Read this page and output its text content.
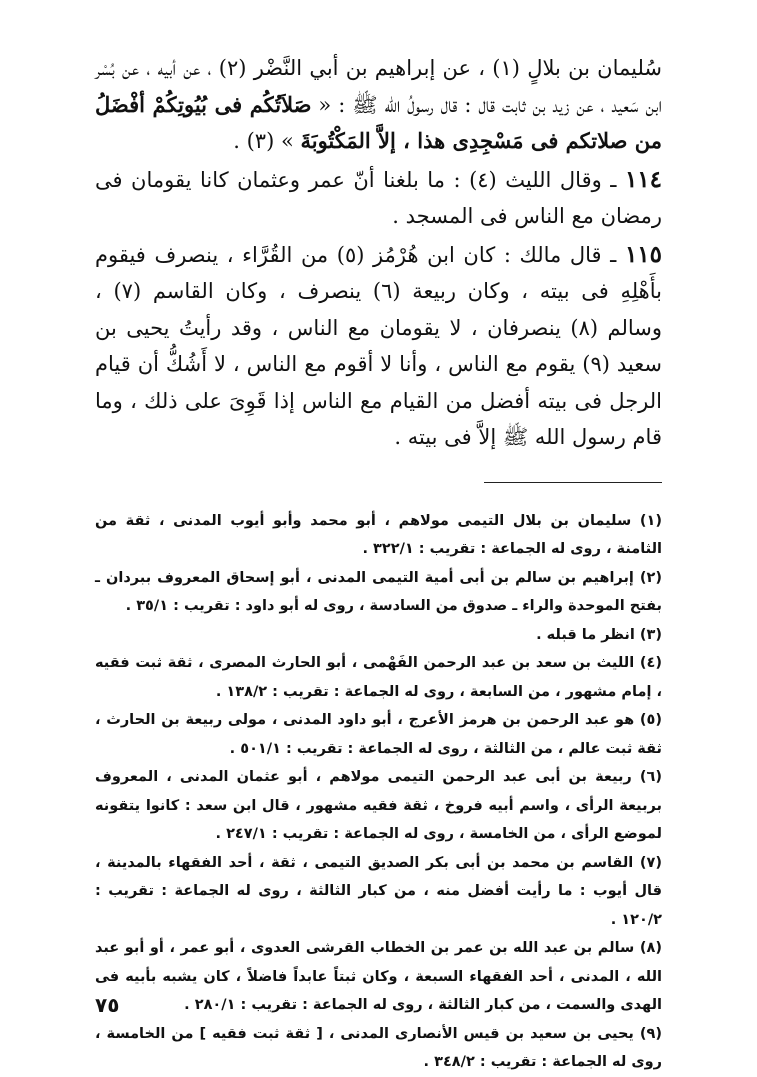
سُليمان بن بلالٍ (١) ، عن إبراهيم بن أبي النَّضْر (٢) ، عن أبيه ، عن بُسْر ابن سَعيد ، عن زيد بن ثابت قال : قال رسولُ الله ﷺ : « صَلاَتُكُم فى بُيُوتِكُمْ أفْضَلُ من صلاتكم فى مَسْجِدِى هذا ، إلاَّ المَكْتُوبَةَ » (٣) .

١١٤ ـ وقال الليث (٤) : ما بلغنا أنّ عمر وعثمان كانا يقومان فى رمضان مع الناس فى المسجد .

١١٥ ـ قال مالك : كان ابن هُرْمُز (٥) من القُرَّاء ، ينصرف فيقوم بأَهْلِهِ فى بيته ، وكان ربيعة (٦) ينصرف ، وكان القاسم (٧) ، وسالم (٨) ينصرفان ، لا يقومان مع الناس ، وقد رأيتُ يحيى بن سعيد (٩) يقوم مع الناس ، وأنا لا أقوم مع الناس ، لا أَشُكُّ أن قيام الرجل فى بيته أفضل من القيام مع الناس إذا قَوِىَ على ذلك ، وما قام رسول الله ﷺ إلاَّ فى بيته .

(١) سليمان بن بلال التيمى مولاهم ، أبو محمد وأبو أيوب المدنى ، ثقة من الثامنة ، روى له الجماعة : تقريب : ٣٢٢/١ .

(٢) إبراهيم بن سالم بن أبى أمية التيمى المدنى ، أبو إسحاق المعروف ببردان ـ بفتح الموحدة والراء ـ صدوق من السادسة ، روى له أبو داود : تقريب : ٣٥/١ .

(٣) انظر ما قبله .

(٤) الليث بن سعد بن عبد الرحمن الفَهْمى ، أبو الحارث المصرى ، ثقة ثبت فقيه ، إمام مشهور ، من السابعة ، روى له الجماعة : تقريب : ١٣٨/٢ .

(٥) هو عبد الرحمن بن هرمز الأعرج ، أبو داود المدنى ، مولى ربيعة بن الحارث ، ثقة ثبت عالم ، من الثالثة ، روى له الجماعة : تقريب : ٥٠١/١ .

(٦) ربيعة بن أبى عبد الرحمن التيمى مولاهم ، أبو عثمان المدنى ، المعروف بربيعة الرأى ، واسم أبيه فروخ ، ثقة فقيه مشهور ، قال ابن سعد : كانوا يتقونه لموضع الرأى ، من الخامسة ، روى له الجماعة : تقريب : ٢٤٧/١ .

(٧) القاسم بن محمد بن أبى بكر الصديق التيمى ، ثقة ، أحد الفقهاء بالمدينة ، قال أيوب : ما رأيت أفضل منه ، من كبار الثالثة ، روى له الجماعة : تقريب : ١٢٠/٢ .

(٨) سالم بن عبد الله بن عمر بن الخطاب القرشى العدوى ، أبو عمر ، أو أبو عبد الله ، المدنى ، أحد الفقهاء السبعة ، وكان ثبتاً عابداً فاضلاً ، كان يشبه بأبيه فى الهدى والسمت ، من كبار الثالثة ، روى له الجماعة : تقريب : ٢٨٠/١ .

(٩) يحيى بن سعيد بن قيس الأنصارى المدنى ، [ ثقة ثبت فقيه ] من الخامسة ، روى له الجماعة : تقريب : ٣٤٨/٢ .

٧٥
